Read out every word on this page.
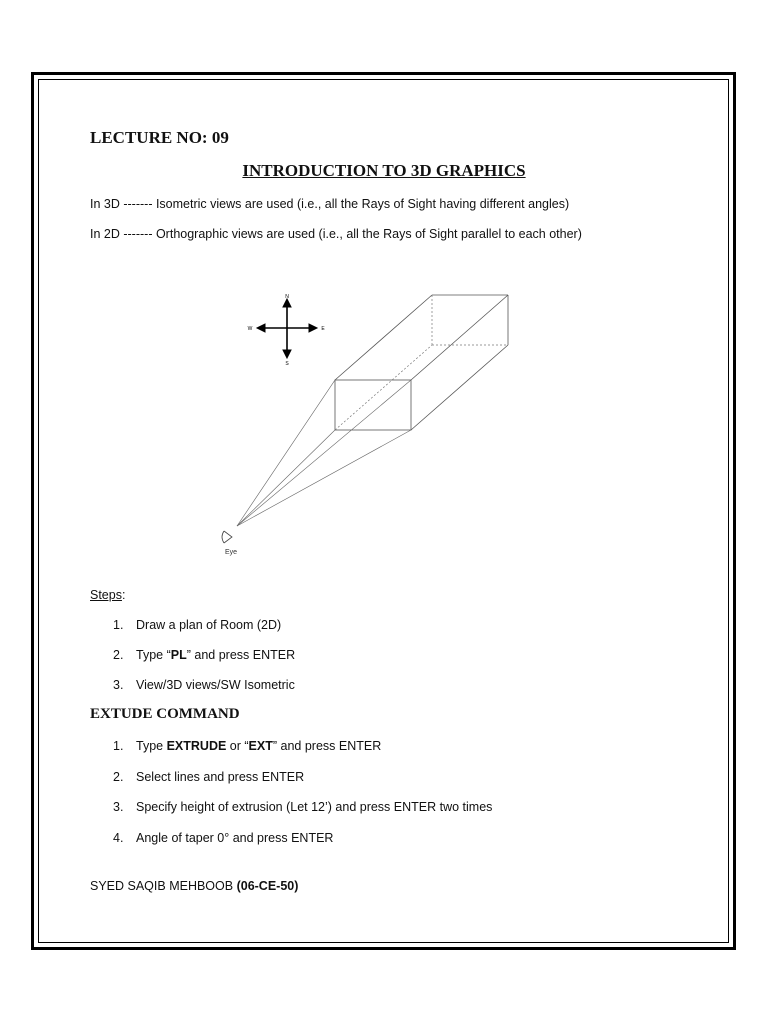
LECTURE NO: 09
INTRODUCTION TO 3D GRAPHICS
In 3D ------- Isometric views are used (i.e., all the Rays of Sight having different angles)
In 2D ------- Orthographic views are used (i.e., all the Rays of Sight parallel to each other)
N
S
W	E
Eye
Steps:
1. Draw a plan of Room (2D)
2. Type “PL” and press ENTER
3. View/3D views/SW Isometric
EXTUDE COMMAND
1. Type EXTRUDE or “EXT” and press ENTER
2. Select lines and press ENTER
3. Specify height of extrusion (Let 12’) and press ENTER two times
4. Angle of taper 0° and press ENTER
SYED SAQIB MEHBOOB (06-CE-50)
